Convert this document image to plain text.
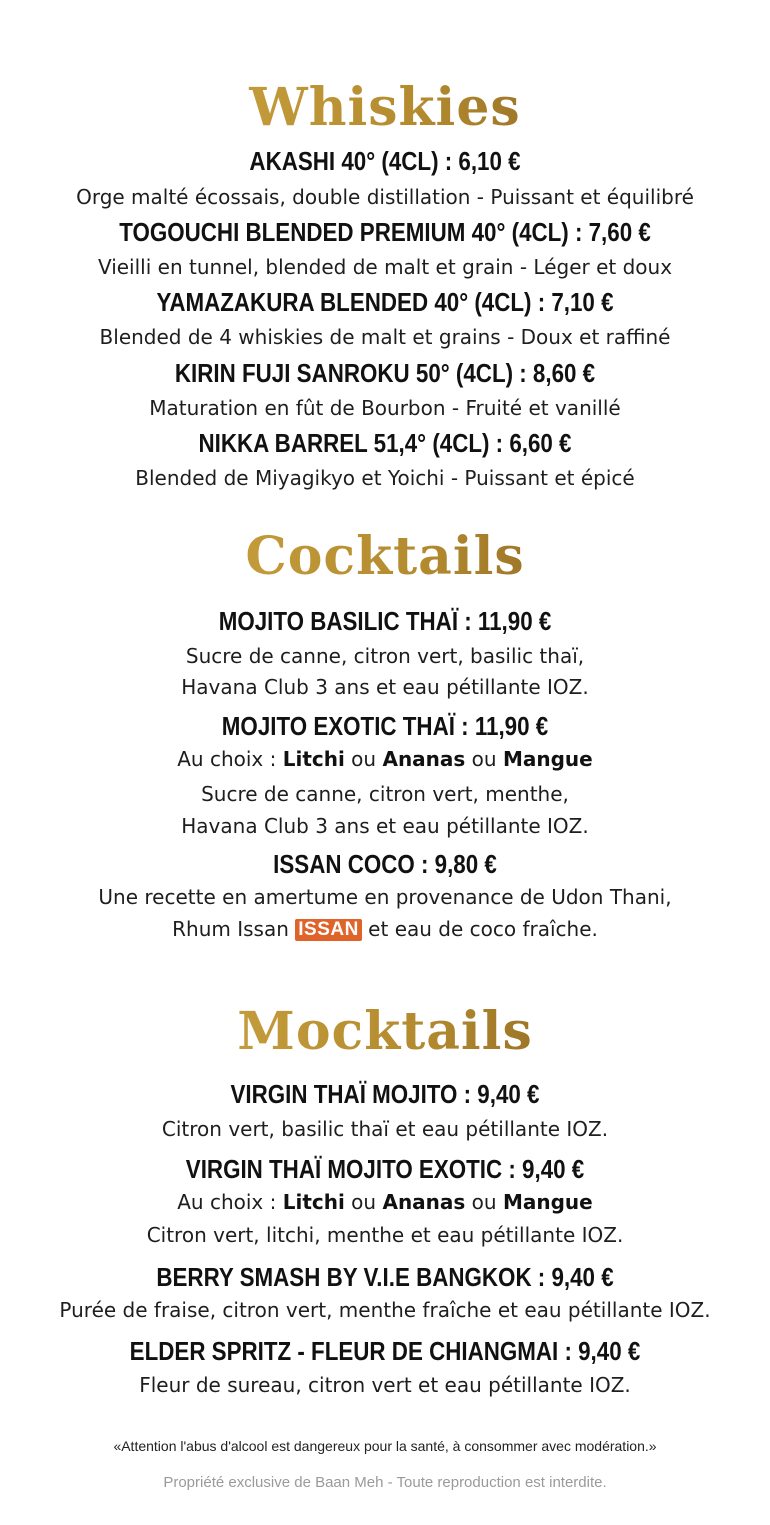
Whiskies
AKASHI 40° (4CL) : 6,10 €
Orge malté écossais, double distillation - Puissant et équilibré
TOGOUCHI BLENDED PREMIUM 40° (4CL) : 7,60 €
Vieilli en tunnel, blended de malt et grain - Léger et doux
YAMAZAKURA BLENDED 40° (4CL) : 7,10 €
Blended de 4 whiskies de malt et grains - Doux et raffiné
KIRIN FUJI SANROKU 50° (4CL) : 8,60 €
Maturation en fût de Bourbon - Fruité et vanillé
NIKKA BARREL 51,4° (4CL) : 6,60 €
Blended de Miyagikyo et Yoichi - Puissant et épicé
Cocktails
MOJITO BASILIC THAÏ : 11,90 €
Sucre de canne, citron vert, basilic thaï,
Havana Club 3 ans et eau pétillante IOZ.
MOJITO EXOTIC THAÏ : 11,90 €
Au choix : Litchi ou Ananas ou Mangue
Sucre de canne, citron vert, menthe,
Havana Club 3 ans et eau pétillante IOZ.
ISSAN COCO : 9,80 €
Une recette en amertume en provenance de Udon Thani,
Rhum Issan ISSAN et eau de coco fraîche.
Mocktails
VIRGIN THAÏ MOJITO : 9,40 €
Citron vert, basilic thaï et eau pétillante IOZ.
VIRGIN THAÏ MOJITO EXOTIC : 9,40 €
Au choix : Litchi ou Ananas ou Mangue
Citron vert, litchi, menthe et eau pétillante IOZ.
BERRY SMASH BY V.I.E BANGKOK : 9,40 €
Purée de fraise, citron vert, menthe fraîche et eau pétillante IOZ.
ELDER SPRITZ - FLEUR DE CHIANGMAI : 9,40 €
Fleur de sureau, citron vert et eau pétillante IOZ.
«Attention l'abus d'alcool est dangereux pour la santé, à consommer avec modération.»
Propriété exclusive de Baan Meh - Toute reproduction est interdite.
